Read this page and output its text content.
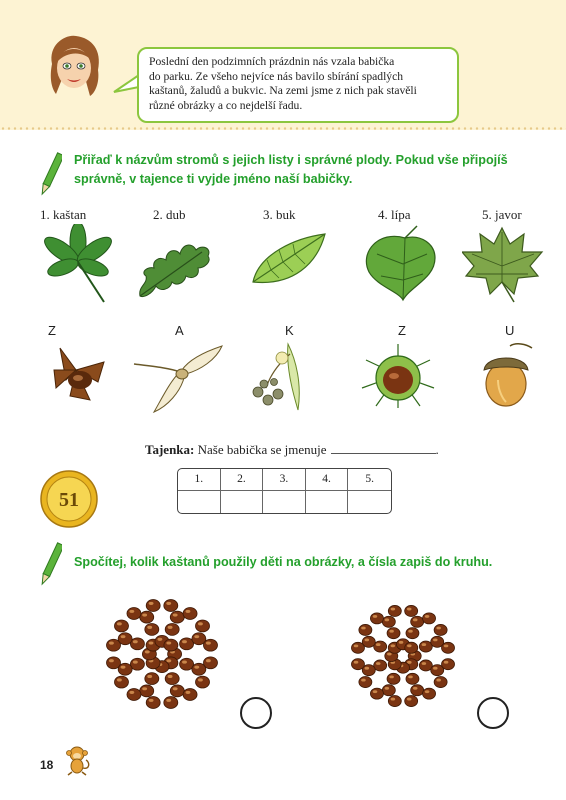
Poslední den podzimních prázdnin nás vzala babička

do parku. Ze všeho nejvíce nás bavilo sbírání spadlých

kaštanů, žaludů a bukvic. Na zemi jsme z nich pak stavěli

různé obrázky a co nejdelší řadu.

Přiřaď k názvům stromů s jejich listy i správné plody. Pokud vše připojíš
správně, v tajence ti vyjde jméno naší babičky.
1. kaštan	2. dub	3. buk	4. lípa	5. javor
Z	A	K	Z	U
Tajenka: Naše babička se jmenuje	.
1.	2.	3.	4.	5.
51
Spočítej, kolik kaštanů použily děti na obrázky, a čísla zapiš do kruhu.
18
